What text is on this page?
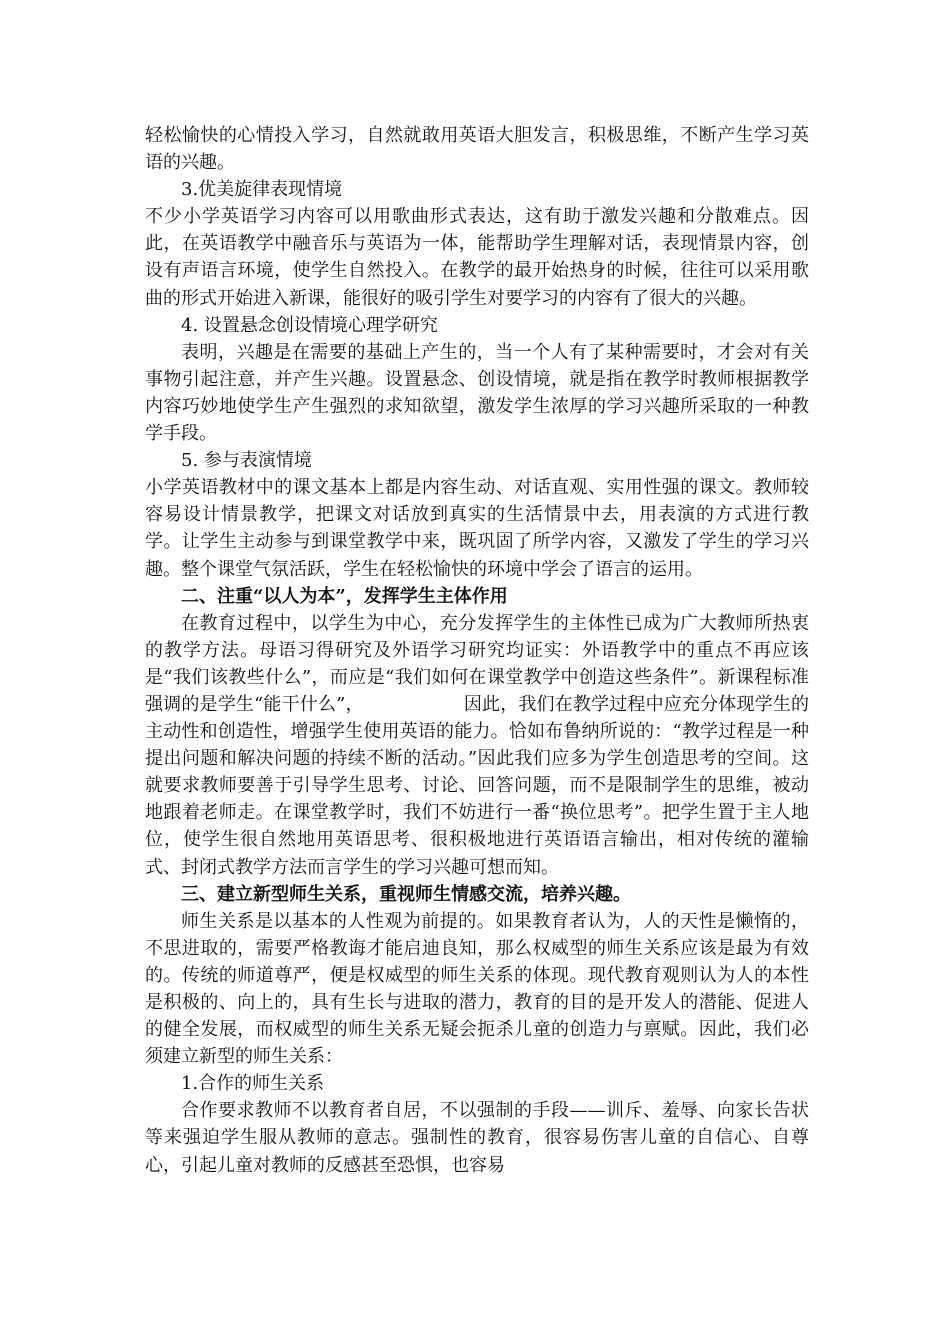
轻松愉快的心情投入学习，自然就敢用英语大胆发言，积极思维，不断产生学习英语的兴趣。

3.优美旋律表现情境

不少小学英语学习内容可以用歌曲形式表达，这有助于激发兴趣和分散难点。因此，在英语教学中融音乐与英语为一体，能帮助学生理解对话，表现情景内容，创设有声语言环境，使学生自然投入。在教学的最开始热身的时候，往往可以采用歌曲的形式开始进入新课，能很好的吸引学生对要学习的内容有了很大的兴趣。

4. 设置悬念创设情境心理学研究

表明，兴趣是在需要的基础上产生的，当一个人有了某种需要时，才会对有关事物引起注意，并产生兴趣。设置悬念、创设情境，就是指在教学时教师根据教学内容巧妙地使学生产生强烈的求知欲望，激发学生浓厚的学习兴趣所采取的一种教学手段。

5. 参与表演情境

小学英语教材中的课文基本上都是内容生动、对话直观、实用性强的课文。教师较容易设计情景教学，把课文对话放到真实的生活情景中去，用表演的方式进行教学。让学生主动参与到课堂教学中来，既巩固了所学内容，又激发了学生的学习兴趣。整个课堂气氛活跃，学生在轻松愉快的环境中学会了语言的运用。

二、注重“以人为本”，发挥学生主体作用

在教育过程中，以学生为中心，充分发挥学生的主体性已成为广大教师所热衷的教学方法。母语习得研究及外语学习研究均证实：外语教学中的重点不再应该是“我们该教些什么”，而应是“我们如何在课堂教学中创造这些条件”。新课程标准强调的是学生“能干什么”，	因此，我们在教学过程中应充分体现学生的主动性和创造性，增强学生使用英语的能力。恰如布鲁纳所说的：“教学过程是一种提出问题和解决问题的持续不断的活动。”因此我们应多为学生创造思考的空间。这就要求教师要善于引导学生思考、讨论、回答问题，而不是限制学生的思维，被动地跟着老师走。在课堂教学时，我们不妨进行一番“换位思考”。把学生置于主人地位，使学生很自然地用英语思考、很积极地进行英语语言输出，相对传统的灌输式、封闭式教学方法而言学生的学习兴趣可想而知。

三、建立新型师生关系，重视师生情感交流，培养兴趣。

师生关系是以基本的人性观为前提的。如果教育者认为，人的天性是懒惰的，不思进取的，需要严格教诲才能启迪良知，那么权威型的师生关系应该是最为有效的。传统的师道尊严，便是权威型的师生关系的体现。现代教育观则认为人的本性是积极的、向上的，具有生长与进取的潜力，教育的目的是开发人的潜能、促进人的健全发展，而权威型的师生关系无疑会扼杀儿童的创造力与禀赋。因此，我们必须建立新型的师生关系：

1.合作的师生关系

合作要求教师不以教育者自居，不以强制的手段——训斥、羞辱、向家长告状等来强迫学生服从教师的意志。强制性的教育，很容易伤害儿童的自信心、自尊心，引起儿童对教师的反感甚至恐惧，也容易
